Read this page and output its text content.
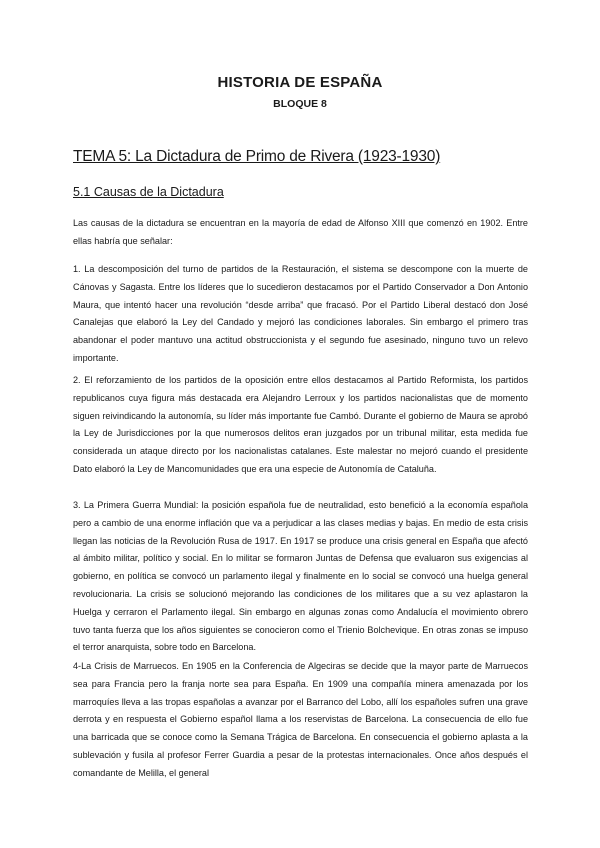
HISTORIA DE ESPAÑA
BLOQUE 8
TEMA 5: La Dictadura de Primo de Rivera (1923-1930)
5.1 Causas de la Dictadura

Las causas de la dictadura se encuentran en la mayoría de edad de Alfonso XIII que comenzó en 1902. Entre ellas habría que señalar:

1. La descomposición del turno de partidos de la Restauración, el sistema se descompone con la muerte de Cánovas y Sagasta. Entre los líderes que lo sucedieron destacamos por el Partido Conservador a Don Antonio Maura, que intentó hacer una revolución “desde arriba” que fracasó. Por el Partido Liberal destacó don José Canalejas que elaboró la Ley del Candado y mejoró las condiciones laborales. Sin embargo el primero tras abandonar el poder mantuvo una actitud obstruccionista y el segundo fue asesinado, ninguno tuvo un relevo importante.

2. El reforzamiento de los partidos de la oposición entre ellos destacamos al Partido Reformista, los partidos republicanos cuya figura más destacada era Alejandro Lerroux y los partidos nacionalistas que de momento siguen reivindicando la autonomía, su líder más importante fue Cambó. Durante el gobierno de Maura se aprobó la Ley de Jurisdicciones por la que numerosos delitos eran juzgados por un tribunal militar, esta medida fue considerada un ataque directo por los nacionalistas catalanes. Este malestar no mejoró cuando el presidente Dato elaboró la Ley de Mancomunidades que era una especie de Autonomía de Cataluña.

3. La Primera Guerra Mundial: la posición española fue de neutralidad, esto benefició a la economía española pero a cambio de una enorme inflación que va a perjudicar a las clases medias y bajas. En medio de esta crisis llegan las noticias de la Revolución Rusa de 1917. En 1917 se produce una crisis general en España que afectó al ámbito militar, político y social. En lo militar se formaron Juntas de Defensa que evaluaron sus exigencias al gobierno, en política se convocó un parlamento ilegal y finalmente en lo social se convocó una huelga general revolucionaria. La crisis se solucionó mejorando las condiciones de los militares que a su vez aplastaron la Huelga y cerraron el Parlamento ilegal. Sin embargo en algunas zonas como Andalucía el movimiento obrero tuvo tanta fuerza que los años siguientes se conocieron como el Trienio Bolchevique. En otras zonas se impuso el terror anarquista, sobre todo en Barcelona.

4-La Crisis de Marruecos. En 1905 en la Conferencia de Algeciras se decide que la mayor parte de Marruecos sea para Francia pero la franja norte sea para España. En 1909 una compañía minera amenazada por los marroquíes lleva a las tropas españolas a avanzar por el Barranco del Lobo, allí los españoles sufren una grave derrota y en respuesta el Gobierno español llama a los reservistas de Barcelona. La consecuencia de ello fue una barricada que se conoce como la Semana Trágica de Barcelona. En consecuencia el gobierno aplasta a la sublevación y fusila al profesor Ferrer Guardia a pesar de la protestas internacionales. Once años después el comandante de Melilla, el general
